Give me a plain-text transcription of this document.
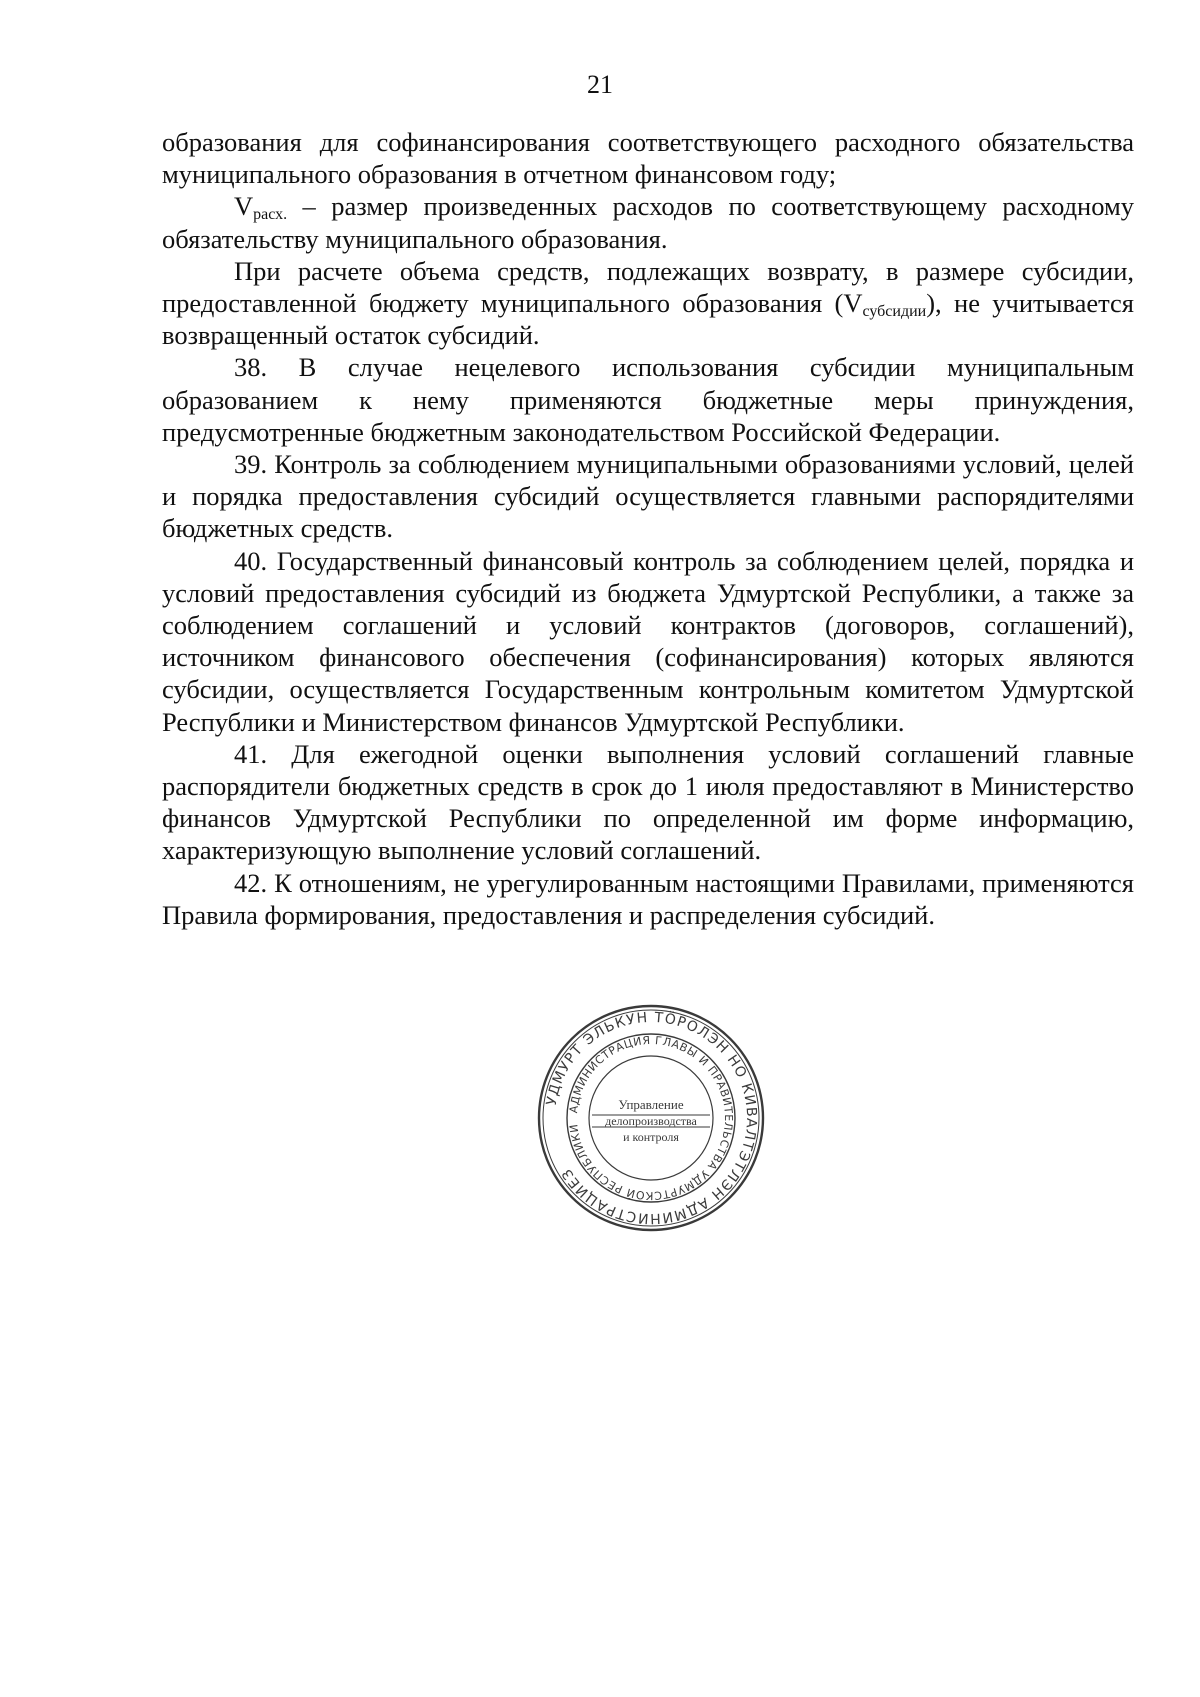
21

образования для софинансирования соответствующего расходного обязательства муниципального образования в отчетном финансовом году;

$V_{расх.}$ – размер произведенных расходов по соответствующему расходному обязательству муниципального образования.

При расчете объема средств, подлежащих возврату, в размере субсидии, предоставленной бюджету муниципального образования $(V_{субсидии})$, не учитывается возвращенный остаток субсидий.

38. В случае нецелевого использования субсидии муниципальным образованием к нему применяются бюджетные меры принуждения, предусмотренные бюджетным законодательством Российской Федерации.

39. Контроль за соблюдением муниципальными образованиями условий, целей и порядка предоставления субсидий осуществляется главными распорядителями бюджетных средств.

40. Государственный финансовый контроль за соблюдением целей, порядка и условий предоставления субсидий из бюджета Удмуртской Республики, а также за соблюдением соглашений и условий контрактов (договоров, соглашений), источником финансового обеспечения (софинансирования) которых являются субсидии, осуществляется Государственным контрольным комитетом Удмуртской Республики и Министерством финансов Удмуртской Республики.

41. Для ежегодной оценки выполнения условий соглашений главные распорядители бюджетных средств в срок до 1 июля предоставляют в Министерство финансов Удмуртской Республики по определенной им форме информацию, характеризующую выполнение условий соглашений.

42. К отношениям, не урегулированным настоящими Правилами, применяются Правила формирования, предоставления и распределения субсидий.

УДМУРТ ЭЛЬКУН ТÖРОЛЭН НО КИВАЛТЭТЛЭН АДМИНИСТРАЦИЕЗ
АДМИНИСТРАЦИЯ ГЛАВЫ И ПРАВИТЕЛЬСТВА УДМУРТСКОЙ РЕСПУБЛИКИ
Управление
делопроизводства
и контроля
